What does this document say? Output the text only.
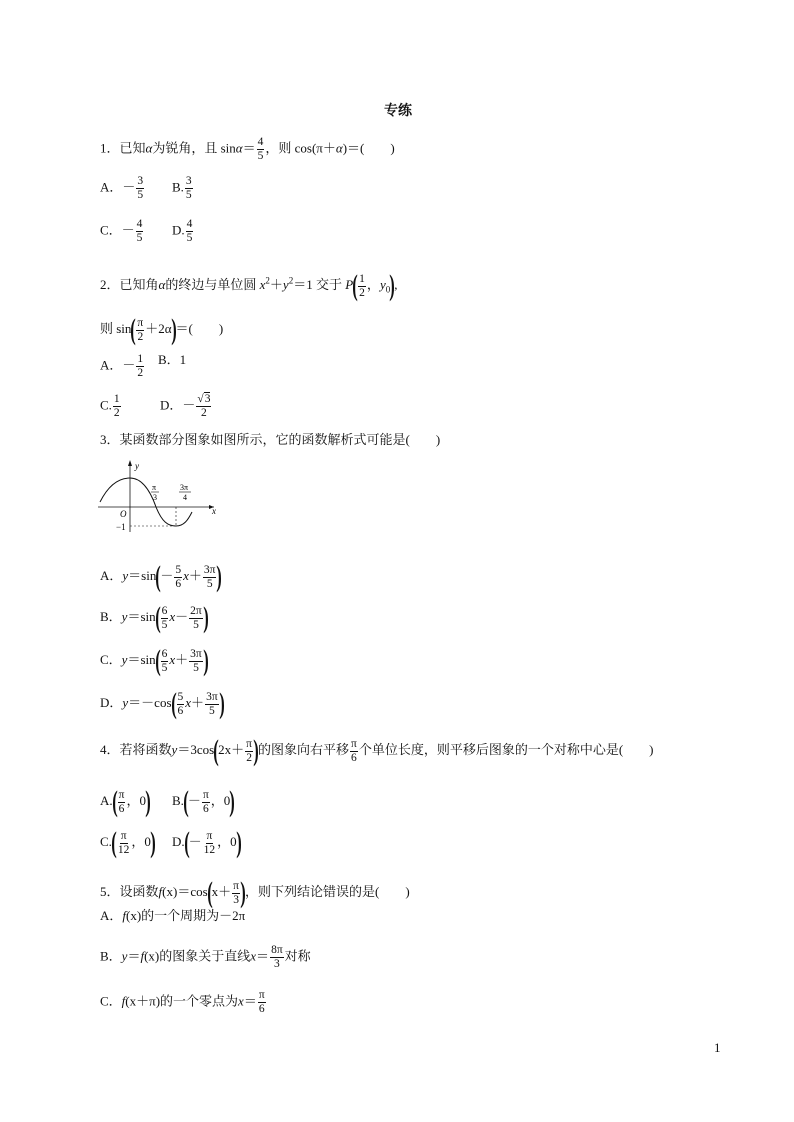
专练
1．已知α为锐角，且 $\sin\alpha= \frac{4}{5}$ ，则 cos(π＋α)＝(　　)
A．－ $\frac{3}{5} B$. $\frac{3}{5}$
C．－ $\frac{4}{5} D$. $\frac{4}{5}$
2．已知角α的终边与单位圆 $x^2+y^2=1$ 交于 $P( \frac{1}{2}$ ，$y_0$),
则 $\sin( \frac{\pi}{2} +2\alpha)=$(　　)
A．－ $\frac{1}{2}$ B．1
C. $\frac{1}{2}$	D．－ $\frac{√3}{2}$
3．某函数部分图象如图所示，它的函数解析式可能是(　　)
y
x
O
−1
π
3
3π
4
A．$y=\sin(- \frac{5}{6} x+ \frac{3\pi}{5}$ )
B．$y=\sin( \frac{6}{5} x- \frac{2\pi}{5}$ )
C．$y=\sin( \frac{6}{5} x+ \frac{3\pi}{5}$ )
D．$y=-\cos( \frac{5}{6} x+ \frac{3\pi}{5}$ )
4．若将函数$y=3\cos(2x+ \frac{\pi}{2}$ )的图象向右平移 $\frac{\pi}{6}$ 个单位长度，则平移后图象的一个对称中心是(　　)
$A.( \frac{\pi}{6}$ ，0) $B.(- \frac{\pi}{6}$ ，0)
$C.( \frac{\pi}{12}$ ，0) $D.(- \frac{\pi}{12}$ ，0)
5．设函数$f(x)=\cos(x+ \frac{\pi}{3}$ )，则下列结论错误的是(　　)
A．f(x)的一个周期为－2π
B．y＝f(x)的图象关于直线$x= \frac{8\pi}{3}$ 对称
C．f(x＋π)的一个零点为$x= \frac{\pi}{6}$
1
